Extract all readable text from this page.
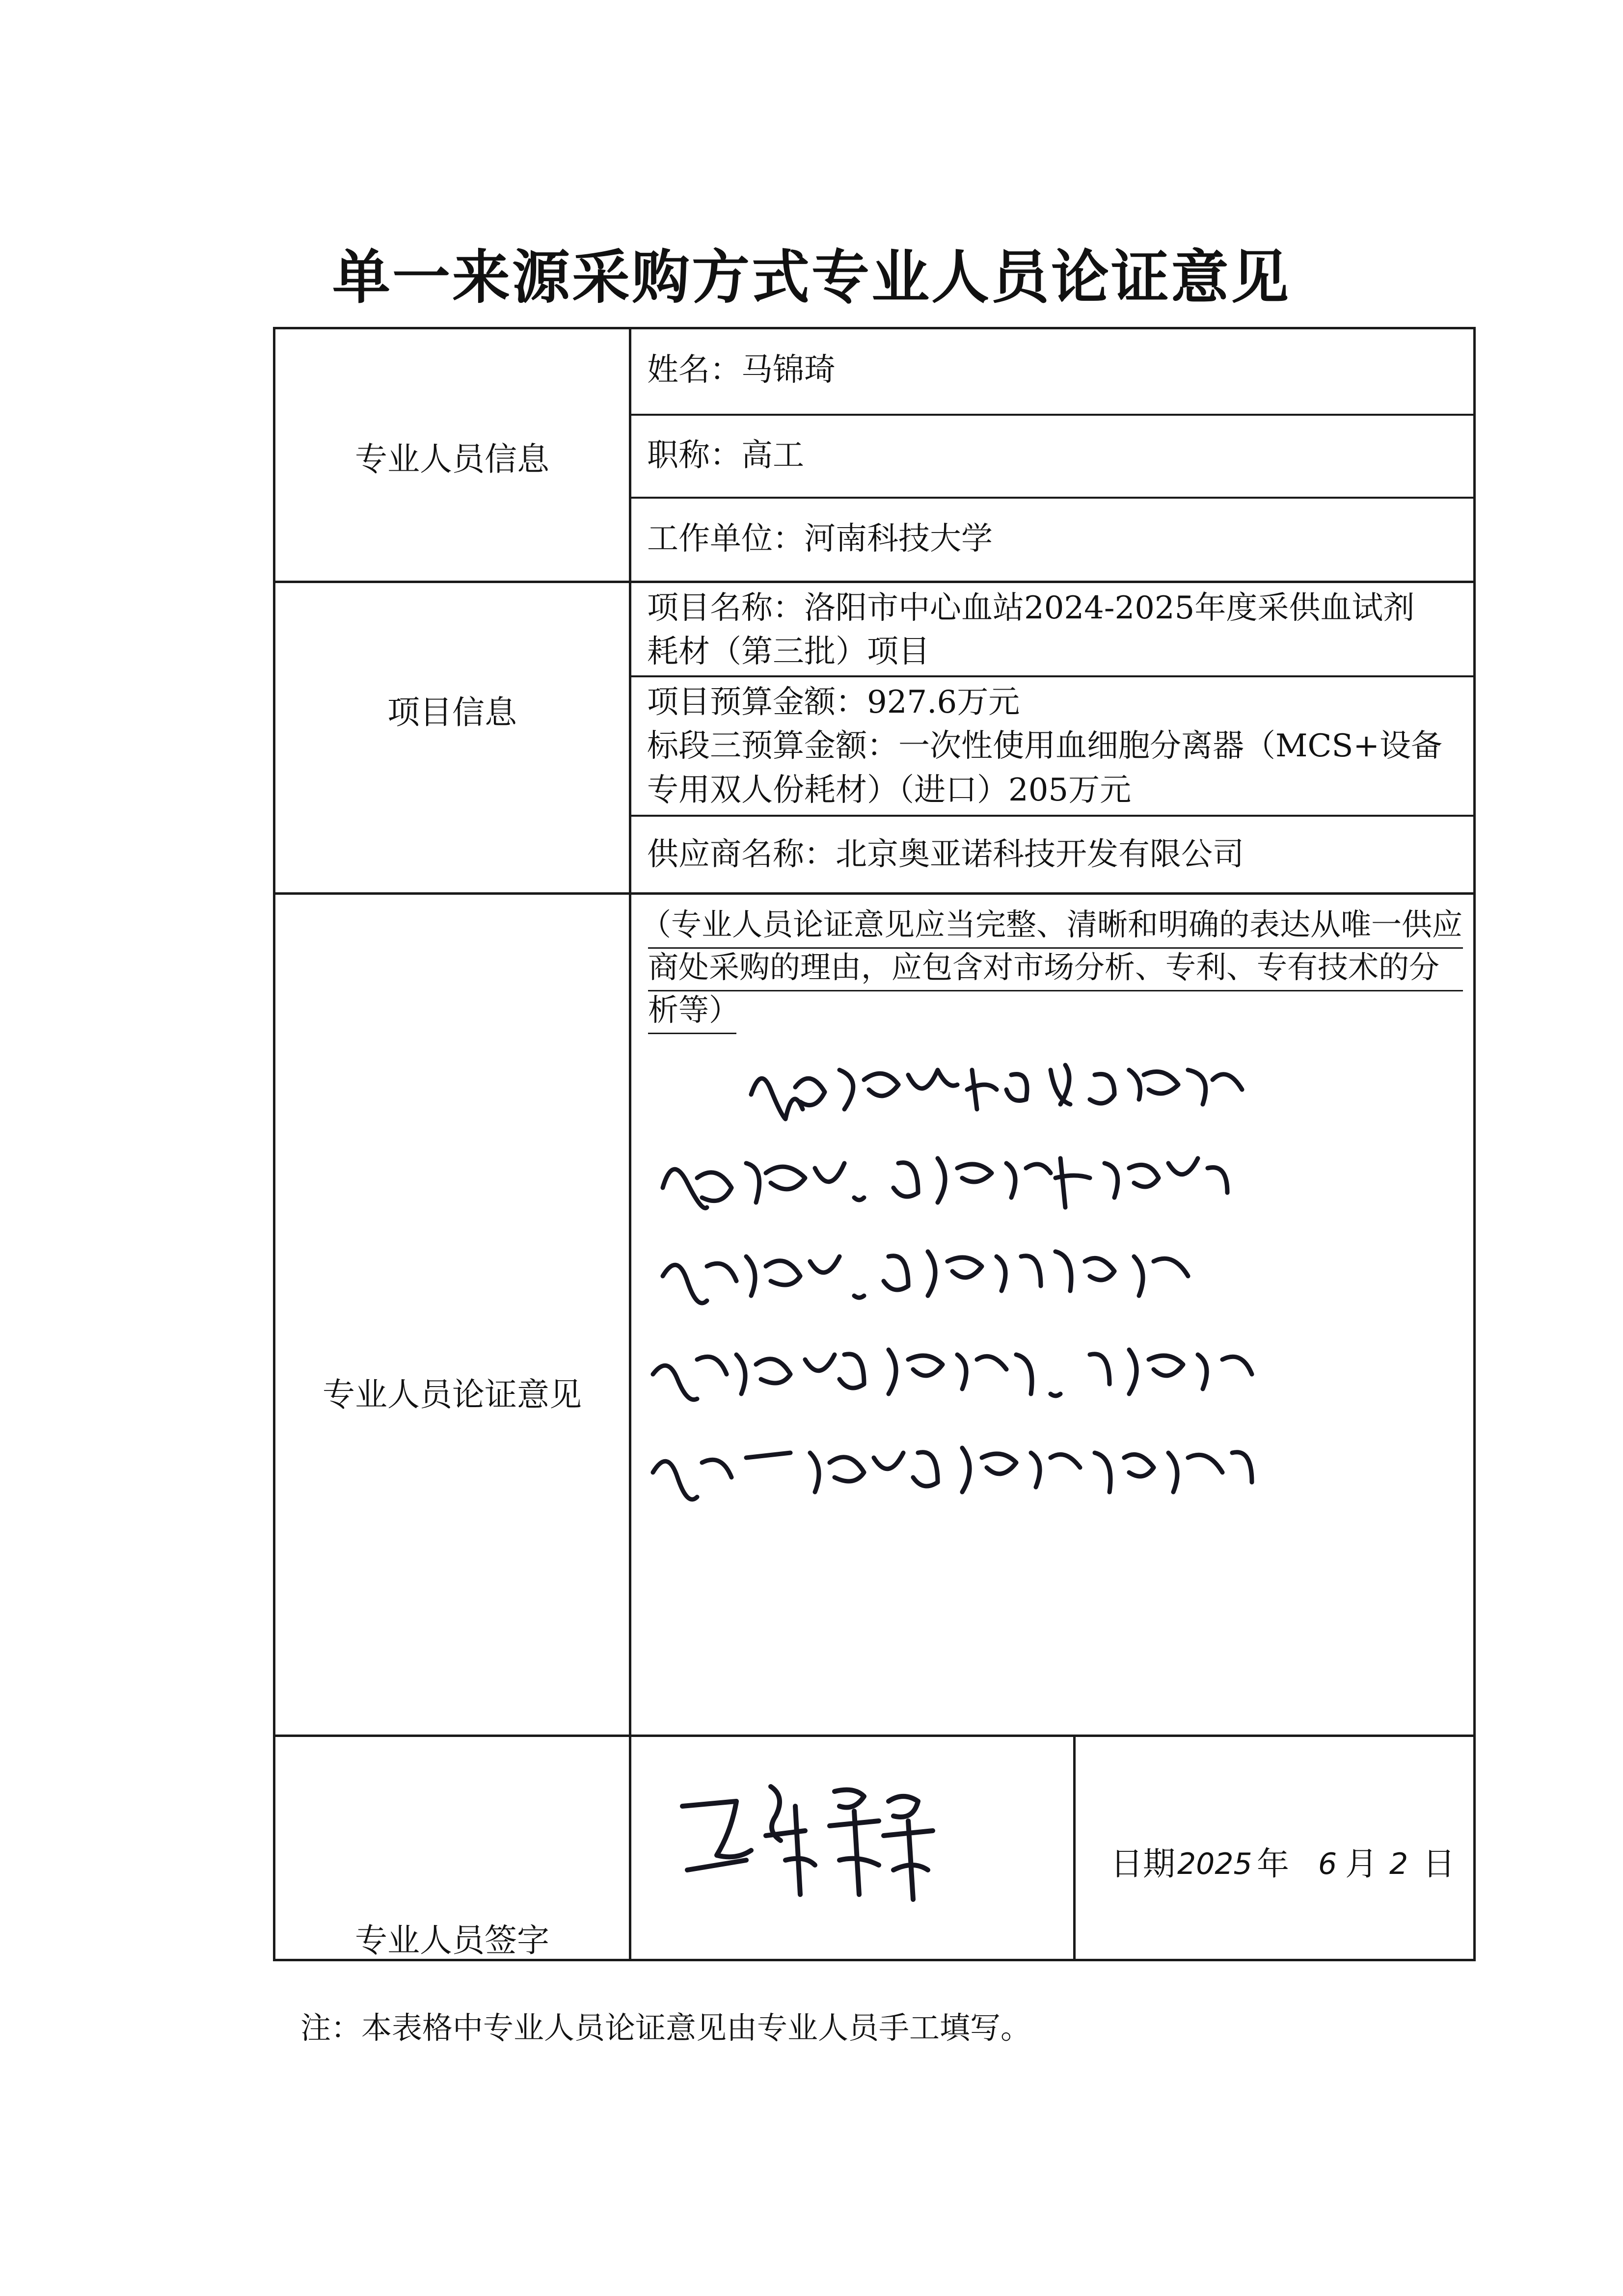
单一来源采购方式专业人员论证意见
专业人员信息
项目信息
专业人员论证意见
专业人员签字
姓名：马锦琦
职称：高工
工作单位：河南科技大学
项目名称：洛阳市中心血站2024-2025年度采供血试剂
耗材（第三批）项目
项目预算金额：927.6万元
标段三预算金额：一次性使用血细胞分离器（MCS+设备
专用双人份耗材）（进口）205万元
供应商名称：北京奥亚诺科技开发有限公司
（专业人员论证意见应当完整、清晰和明确的表达从唯一供应
商处采购的理由，应包含对市场分析、专利、专有技术的分
析等）
日期 2025 年 6 月 2 日
注：本表格中专业人员论证意见由专业人员手工填写。
